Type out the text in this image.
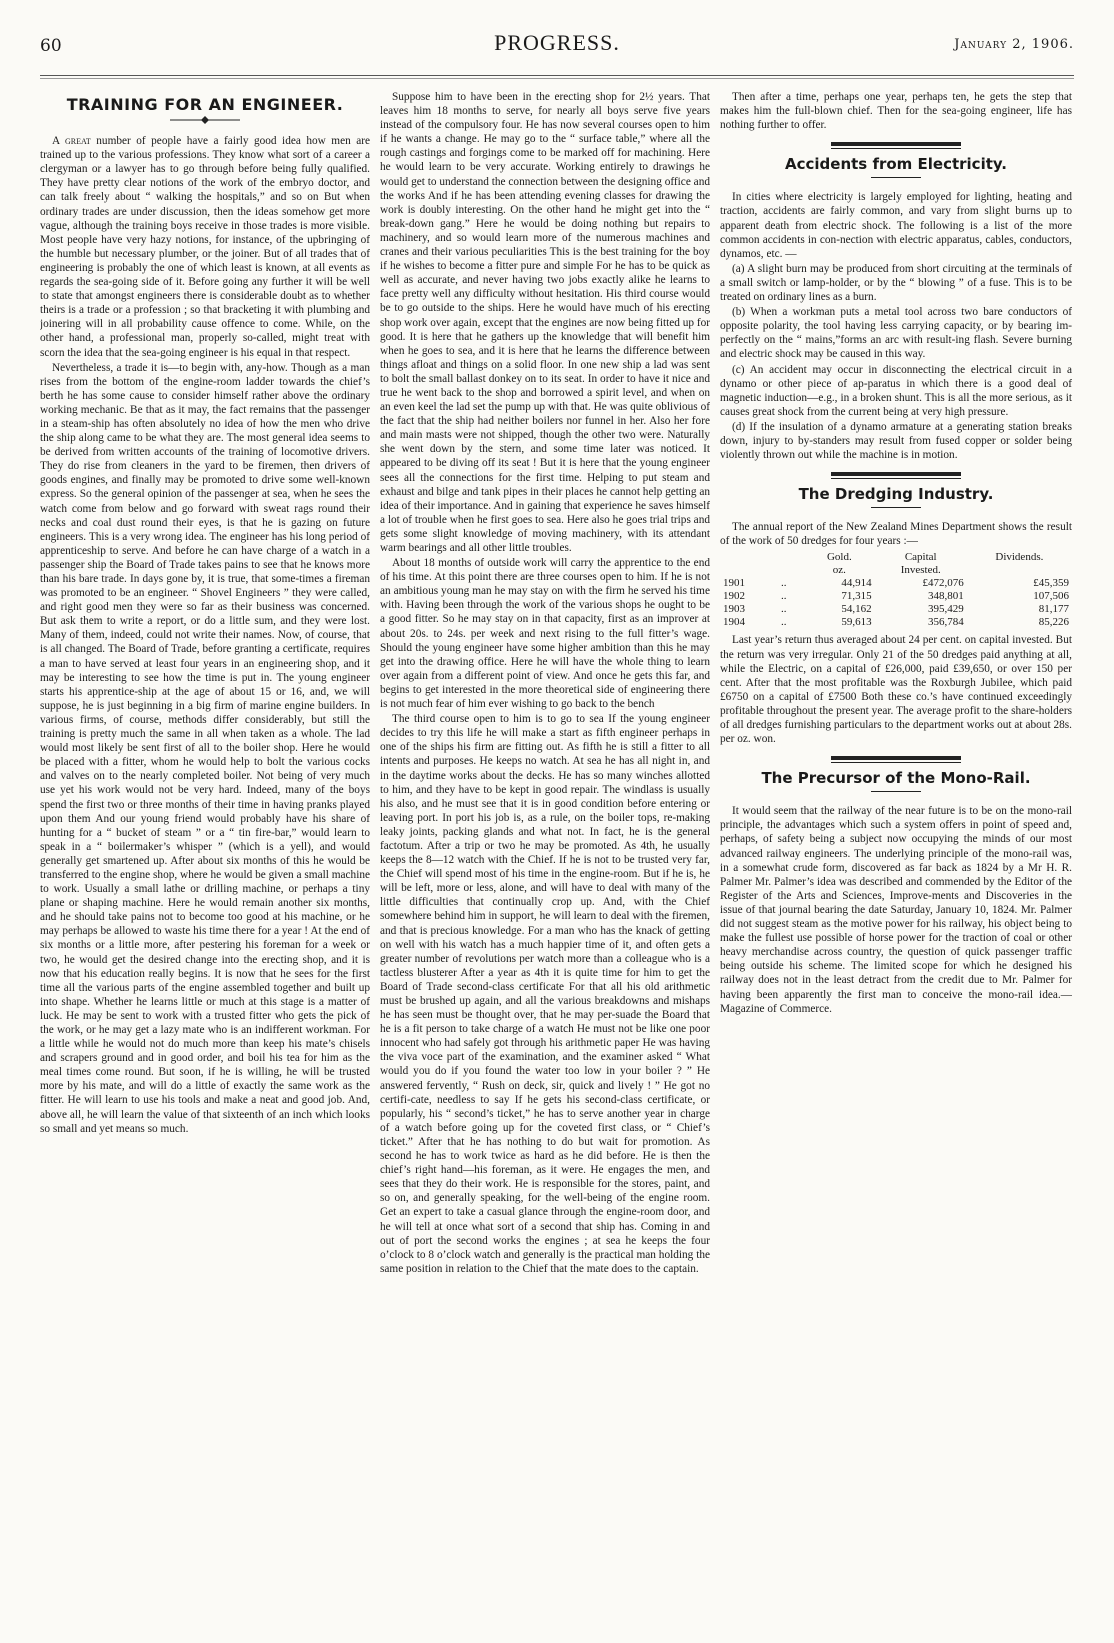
60	PROGRESS.	January 2, 1906.
TRAINING FOR AN ENGINEER.

A great number of people have a fairly good idea how men are trained up to the various professions. They know what sort of a career a clergyman or a lawyer has to go through before being fully qualified. They have pretty clear notions of the work of the embryo doctor, and can talk freely about “ walking the hospitals,” and so on But when ordinary trades are under discussion, then the ideas somehow get more vague, although the training boys receive in those trades is more visible. Most people have very hazy notions, for instance, of the upbringing of the humble but necessary plumber, or the joiner. But of all trades that of engineering is probably the one of which least is known, at all events as regards the sea-going side of it. Before going any further it will be well to state that amongst engineers there is considerable doubt as to whether theirs is a trade or a profession ; so that bracketing it with plumbing and joinering will in all probability cause offence to come. While, on the other hand, a professional man, properly so-called, might treat with scorn the idea that the sea-going engineer is his equal in that respect.

Nevertheless, a trade it is—to begin with, any-how. Though as a man rises from the bottom of the engine-room ladder towards the chief’s berth he has some cause to consider himself rather above the ordinary working mechanic. Be that as it may, the fact remains that the passenger in a steam-ship has often absolutely no idea of how the men who drive the ship along came to be what they are. The most general idea seems to be derived from written accounts of the training of locomotive drivers. They do rise from cleaners in the yard to be firemen, then drivers of goods engines, and finally may be promoted to drive some well-known express. So the general opinion of the passenger at sea, when he sees the watch come from below and go forward with sweat rags round their necks and coal dust round their eyes, is that he is gazing on future engineers. This is a very wrong idea. The engineer has his long period of apprenticeship to serve. And before he can have charge of a watch in a passenger ship the Board of Trade takes pains to see that he knows more than his bare trade. In days gone by, it is true, that some-times a fireman was promoted to be an engineer. “ Shovel Engineers ” they were called, and right good men they were so far as their business was concerned. But ask them to write a report, or do a little sum, and they were lost. Many of them, indeed, could not write their names. Now, of course, that is all changed. The Board of Trade, before granting a certificate, requires a man to have served at least four years in an engineering shop, and it may be interesting to see how the time is put in. The young engineer starts his apprentice-ship at the age of about 15 or 16, and, we will suppose, he is just beginning in a big firm of marine engine builders. In various firms, of course, methods differ considerably, but still the training is pretty much the same in all when taken as a whole. The lad would most likely be sent first of all to the boiler shop. Here he would be placed with a fitter, whom he would help to bolt the various cocks and valves on to the nearly completed boiler. Not being of very much use yet his work would not be very hard. Indeed, many of the boys spend the first two or three months of their time in having pranks played upon them And our young friend would probably have his share of hunting for a “ bucket of steam ” or a “ tin fire-bar,” would learn to speak in a “ boilermaker’s whisper ” (which is a yell), and would generally get smartened up. After about six months of this he would be transferred to the engine shop, where he would be given a small machine to work. Usually a small lathe or drilling machine, or perhaps a tiny plane or shaping machine. Here he would remain another six months, and he should take pains not to become too good at his machine, or he may perhaps be allowed to waste his time there for a year ! At the end of six months or a little more, after pestering his foreman for a week or two, he would get the desired change into the erecting shop, and it is now that his education really begins. It is now that he sees for the first time all the various parts of the engine assembled together and built up into shape. Whether he learns little or much at this stage is a matter of luck. He may be sent to work with a trusted fitter who gets the pick of the work, or he may get a lazy mate who is an indifferent workman. For a little while he would not do much more than keep his mate’s chisels and scrapers ground and in good order, and boil his tea for him as the meal times come round. But soon, if he is willing, he will be trusted more by his mate, and will do a little of exactly the same work as the fitter. He will learn to use his tools and make a neat and good job. And, above all, he will learn the value of that sixteenth of an inch which looks so small and yet means so much.

Suppose him to have been in the erecting shop for 2½ years. That leaves him 18 months to serve, for nearly all boys serve five years instead of the compulsory four. He has now several courses open to him if he wants a change. He may go to the “ surface table,” where all the rough castings and forgings come to be marked off for machining. Here he would learn to be very accurate. Working entirely to drawings he would get to understand the connection between the designing office and the works And if he has been attending evening classes for drawing the work is doubly interesting. On the other hand he might get into the “ break-down gang.” Here he would be doing nothing but repairs to machinery, and so would learn more of the numerous machines and cranes and their various peculiarities This is the best training for the boy if he wishes to become a fitter pure and simple For he has to be quick as well as accurate, and never having two jobs exactly alike he learns to face pretty well any difficulty without hesitation. His third course would be to go outside to the ships. Here he would have much of his erecting shop work over again, except that the engines are now being fitted up for good. It is here that he gathers up the knowledge that will benefit him when he goes to sea, and it is here that he learns the difference between things afloat and things on a solid floor. In one new ship a lad was sent to bolt the small ballast donkey on to its seat. In order to have it nice and true he went back to the shop and borrowed a spirit level, and when on an even keel the lad set the pump up with that. He was quite oblivious of the fact that the ship had neither boilers nor funnel in her. Also her fore and main masts were not shipped, though the other two were. Naturally she went down by the stern, and some time later was noticed. It appeared to be diving off its seat ! But it is here that the young engineer sees all the connections for the first time. Helping to put steam and exhaust and bilge and tank pipes in their places he cannot help getting an idea of their importance. And in gaining that experience he saves himself a lot of trouble when he first goes to sea. Here also he goes trial trips and gets some slight knowledge of moving machinery, with its attendant warm bearings and all other little troubles.

About 18 months of outside work will carry the apprentice to the end of his time. At this point there are three courses open to him. If he is not an ambitious young man he may stay on with the firm he served his time with. Having been through the work of the various shops he ought to be a good fitter. So he may stay on in that capacity, first as an improver at about 20s. to 24s. per week and next rising to the full fitter’s wage. Should the young engineer have some higher ambition than this he may get into the drawing office. Here he will have the whole thing to learn over again from a different point of view. And once he gets this far, and begins to get interested in the more theoretical side of engineering there is not much fear of him ever wishing to go back to the bench

The third course open to him is to go to sea If the young engineer decides to try this life he will make a start as fifth engineer perhaps in one of the ships his firm are fitting out. As fifth he is still a fitter to all intents and purposes. He keeps no watch. At sea he has all night in, and in the daytime works about the decks. He has so many winches allotted to him, and they have to be kept in good repair. The windlass is usually his also, and he must see that it is in good condition before entering or leaving port. In port his job is, as a rule, on the boiler tops, re-making leaky joints, packing glands and what not. In fact, he is the general factotum. After a trip or two he may be promoted. As 4th, he usually keeps the 8—12 watch with the Chief. If he is not to be trusted very far, the Chief will spend most of his time in the engine-room. But if he is, he will be left, more or less, alone, and will have to deal with many of the little difficulties that continually crop up. And, with the Chief somewhere behind him in support, he will learn to deal with the firemen, and that is precious knowledge. For a man who has the knack of getting on well with his watch has a much happier time of it, and often gets a greater number of revolutions per watch more than a colleague who is a tactless blusterer After a year as 4th it is quite time for him to get the Board of Trade second-class certificate For that all his old arithmetic must be brushed up again, and all the various breakdowns and mishaps he has seen must be thought over, that he may per-suade the Board that he is a fit person to take charge of a watch He must not be like one poor innocent who had safely got through his arithmetic paper He was having the viva voce part of the examination, and the examiner asked “ What would you do if you found the water too low in your boiler ? ” He answered fervently, “ Rush on deck, sir, quick and lively ! ” He got no certifi-cate, needless to say If he gets his second-class certificate, or popularly, his “ second’s ticket,” he has to serve another year in charge of a watch before going up for the coveted first class, or “ Chief’s ticket.” After that he has nothing to do but wait for promotion. As second he has to work twice as hard as he did before. He is then the chief’s right hand—his foreman, as it were. He engages the men, and sees that they do their work. He is responsible for the stores, paint, and so on, and generally speaking, for the well-being of the engine room. Get an expert to take a casual glance through the engine-room door, and he will tell at once what sort of a second that ship has. Coming in and out of port the second works the engines ; at sea he keeps the four o’clock to 8 o’clock watch and generally is the practical man holding the same position in relation to the Chief that the mate does to the captain.

Then after a time, perhaps one year, perhaps ten, he gets the step that makes him the full-blown chief. Then for the sea-going engineer, life has nothing further to offer.

Accidents from Electricity.

In cities where electricity is largely employed for lighting, heating and traction, accidents are fairly common, and vary from slight burns up to apparent death from electric shock. The following is a list of the more common accidents in con-nection with electric apparatus, cables, conductors, dynamos, etc. —

(a) A slight burn may be produced from short circuiting at the terminals of a small switch or lamp-holder, or by the “ blowing ” of a fuse. This is to be treated on ordinary lines as a burn.

(b) When a workman puts a metal tool across two bare conductors of opposite polarity, the tool having less carrying capacity, or by bearing im-perfectly on the “ mains,”forms an arc with result-ing flash. Severe burning and electric shock may be caused in this way.

(c) An accident may occur in disconnecting the electrical circuit in a dynamo or other piece of ap-paratus in which there is a good deal of magnetic induction—e.g., in a broken shunt. This is all the more serious, as it causes great shock from the current being at very high pressure.

(d) If the insulation of a dynamo armature at a generating station breaks down, injury to by-standers may result from fused copper or solder being violently thrown out while the machine is in motion.

The Dredging Industry.

The annual report of the New Zealand Mines Department shows the result of the work of 50 dredges for four years :—

		Gold.	Capital	Dividends.
		oz.	Invested.	
1901	..	44,914	£472,076	£45,359
1902	..	71,315	348,801	107,506
1903	..	54,162	395,429	81,177
1904	..	59,613	356,784	85,226

Last year’s return thus averaged about 24 per cent. on capital invested. But the return was very irregular. Only 21 of the 50 dredges paid anything at all, while the Electric, on a capital of £26,000, paid £39,650, or over 150 per cent. After that the most profitable was the Roxburgh Jubilee, which paid £6750 on a capital of £7500 Both these co.’s have continued exceedingly profitable throughout the present year. The average profit to the share-holders of all dredges furnishing particulars to the department works out at about 28s. per oz. won.

The Precursor of the Mono-Rail.

It would seem that the railway of the near future is to be on the mono-rail principle, the advantages which such a system offers in point of speed and, perhaps, of safety being a subject now occupying the minds of our most advanced railway engineers. The underlying principle of the mono-rail was, in a somewhat crude form, discovered as far back as 1824 by a Mr H. R. Palmer Mr. Palmer’s idea was described and commended by the Editor of the Register of the Arts and Sciences, Improve-ments and Discoveries in the issue of that journal bearing the date Saturday, January 10, 1824. Mr. Palmer did not suggest steam as the motive power for his railway, his object being to make the fullest use possible of horse power for the traction of coal or other heavy merchandise across country, the question of quick passenger traffic being outside his scheme. The limited scope for which he designed his railway does not in the least detract from the credit due to Mr. Palmer for having been apparently the first man to conceive the mono-rail idea.—Magazine of Commerce.
